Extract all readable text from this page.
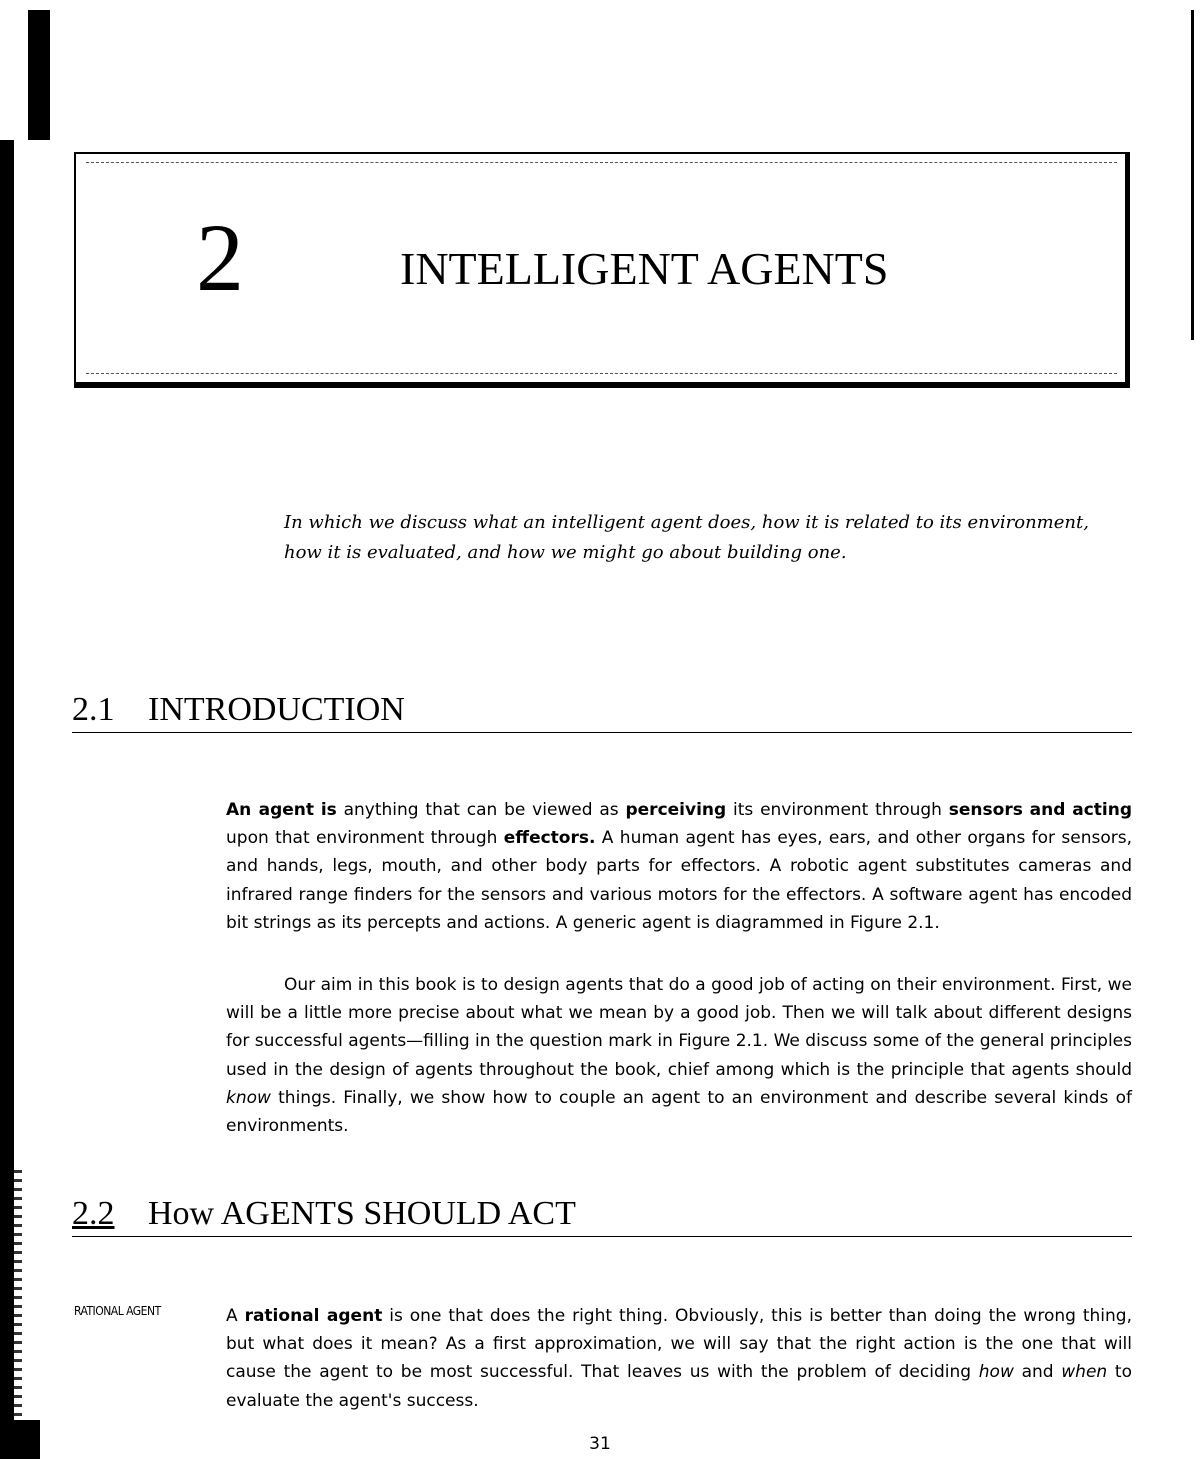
2	INTELLIGENT AGENTS
In which we discuss what an intelligent agent does, how it is related to its environment,
how it is evaluated, and how we might go about building one.
2.1 INTRODUCTION

An agent is anything that can be viewed as perceiving its environment through sensors and acting upon that environment through effectors. A human agent has eyes, ears, and other organs for sensors, and hands, legs, mouth, and other body parts for effectors. A robotic agent substitutes cameras and infrared range finders for the sensors and various motors for the effectors. A software agent has encoded bit strings as its percepts and actions. A generic agent is diagrammed in Figure 2.1.

Our aim in this book is to design agents that do a good job of acting on their environment. First, we will be a little more precise about what we mean by a good job. Then we will talk about different designs for successful agents—filling in the question mark in Figure 2.1. We discuss some of the general principles used in the design of agents throughout the book, chief among which is the principle that agents should know things. Finally, we show how to couple an agent to an environment and describe several kinds of environments.

2.2 How AGENTS SHOULD ACT
RATIONAL AGENT	A rational agent is one that does the right thing. Obviously, this is better than doing the wrong thing, but what does it mean? As a first approximation, we will say that the right action is the one that will cause the agent to be most successful. That leaves us with the problem of deciding how and when to evaluate the agent's success.

31
